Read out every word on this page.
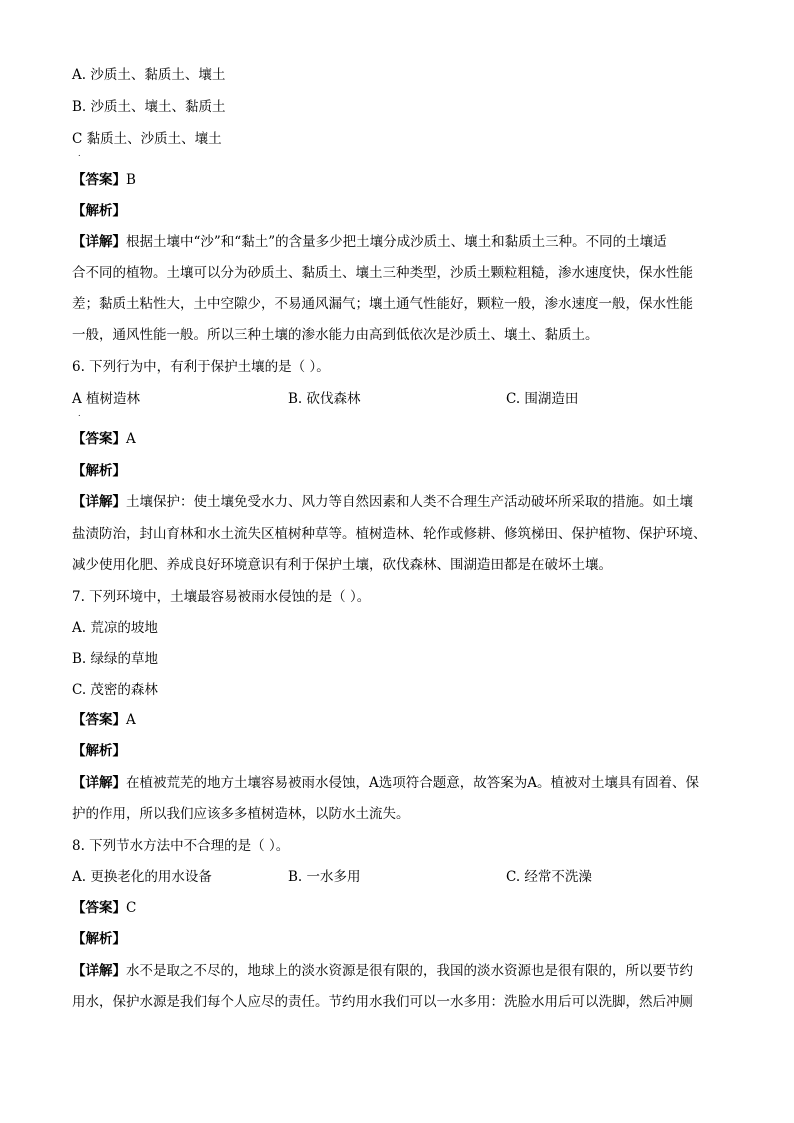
A. 沙质土、黏质土、壤土
B. 沙质土、壤土、黏质土
C 黏质土、沙质土、壤土
.
【答案】B
【解析】
【详解】根据土壤中“沙”和“黏土”的含量多少把土壤分成沙质土、壤土和黏质土三种。不同的土壤适
合不同的植物。土壤可以分为砂质土、黏质土、壤土三种类型，沙质土颗粒粗糙，渗水速度快，保水性能
差；黏质土粘性大，土中空隙少，不易通风漏气；壤土通气性能好，颗粒一般，渗水速度一般，保水性能
一般，通风性能一般。所以三种土壤的渗水能力由高到低依次是沙质土、壤土、黏质土。
6. 下列行为中，有利于保护土壤的是（ ）。
A 植树造林	B. 砍伐森林	C. 围湖造田
.
【答案】A
【解析】
【详解】土壤保护：使土壤免受水力、风力等自然因素和人类不合理生产活动破坏所采取的措施。如土壤
盐渍防治，封山育林和水土流失区植树种草等。植树造林、轮作或修耕、修筑梯田、保护植物、保护环境、
减少使用化肥、养成良好环境意识有利于保护土壤，砍伐森林、围湖造田都是在破坏土壤。
7. 下列环境中，土壤最容易被雨水侵蚀的是（ ）。
A. 荒凉的坡地
B. 绿绿的草地
C. 茂密的森林
【答案】A
【解析】
【详解】在植被荒芜的地方土壤容易被雨水侵蚀，A选项符合题意，故答案为A。植被对土壤具有固着、保
护的作用，所以我们应该多多植树造林，以防水土流失。
8. 下列节水方法中不合理的是（ ）。
A. 更换老化的用水设备	B. 一水多用	C. 经常不洗澡
【答案】C
【解析】
【详解】水不是取之不尽的，地球上的淡水资源是很有限的，我国的淡水资源也是很有限的，所以要节约
用水，保护水源是我们每个人应尽的责任。节约用水我们可以一水多用：洗脸水用后可以洗脚，然后冲厕
